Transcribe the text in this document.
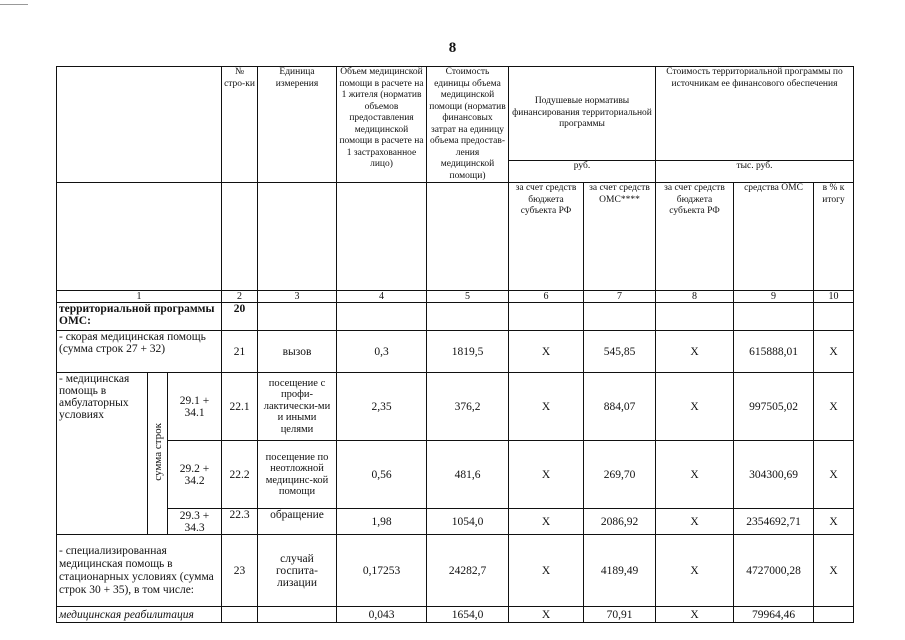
8
			№ стро-ки	Единица измерения	Объем медицинской помощи в расчете на 1 жителя (норматив объемов предоставления медицинской помощи в расчете на 1 застрахованное лицо)	Стоимость единицы объема медицинской помощи (норматив финансовых затрат на единицу объема предостав-ления медицинской помощи)	Подушевые нормативы финансирования территориальной программы		Стоимость территориальной программы по источникам ее финансового обеспечения		
							руб.		тыс. руб.		
							за счет средств бюджета субъекта РФ	за счет средств ОМС****	за счет средств бюджета субъекта РФ	средства ОМС	в % к итогу
1			2	3	4	5	6	7	8	9	10
территориальной программы ОМС:			20								
- скорая медицинская помощь (сумма строк 27 + 32)			21	вызов	0,3	1819,5	X	545,85	X	615888,01	X
- медицинская помощь в амбулаторных условиях	сумма строк	29.1 + 34.1	22.1	посещение с профи-лактически-ми и иными целями	2,35	376,2	X	884,07	X	997505,02	X
		29.2 + 34.2	22.2	посещение по неотложной медицинс-кой помощи	0,56	481,6	X	269,70	X	304300,69	X
		29.3 + 34.3	22.3	обращение	1,98	1054,0	X	2086,92	X	2354692,71	X
- специализированная медицинская помощь в стационарных условиях (сумма строк 30 + 35), в том числе:			23	случай госпита-лизации	0,17253	24282,7	X	4189,49	X	4727000,28	X
медицинская реабилитация					0,043	1654,0	X	70,91	X	79964,46	
